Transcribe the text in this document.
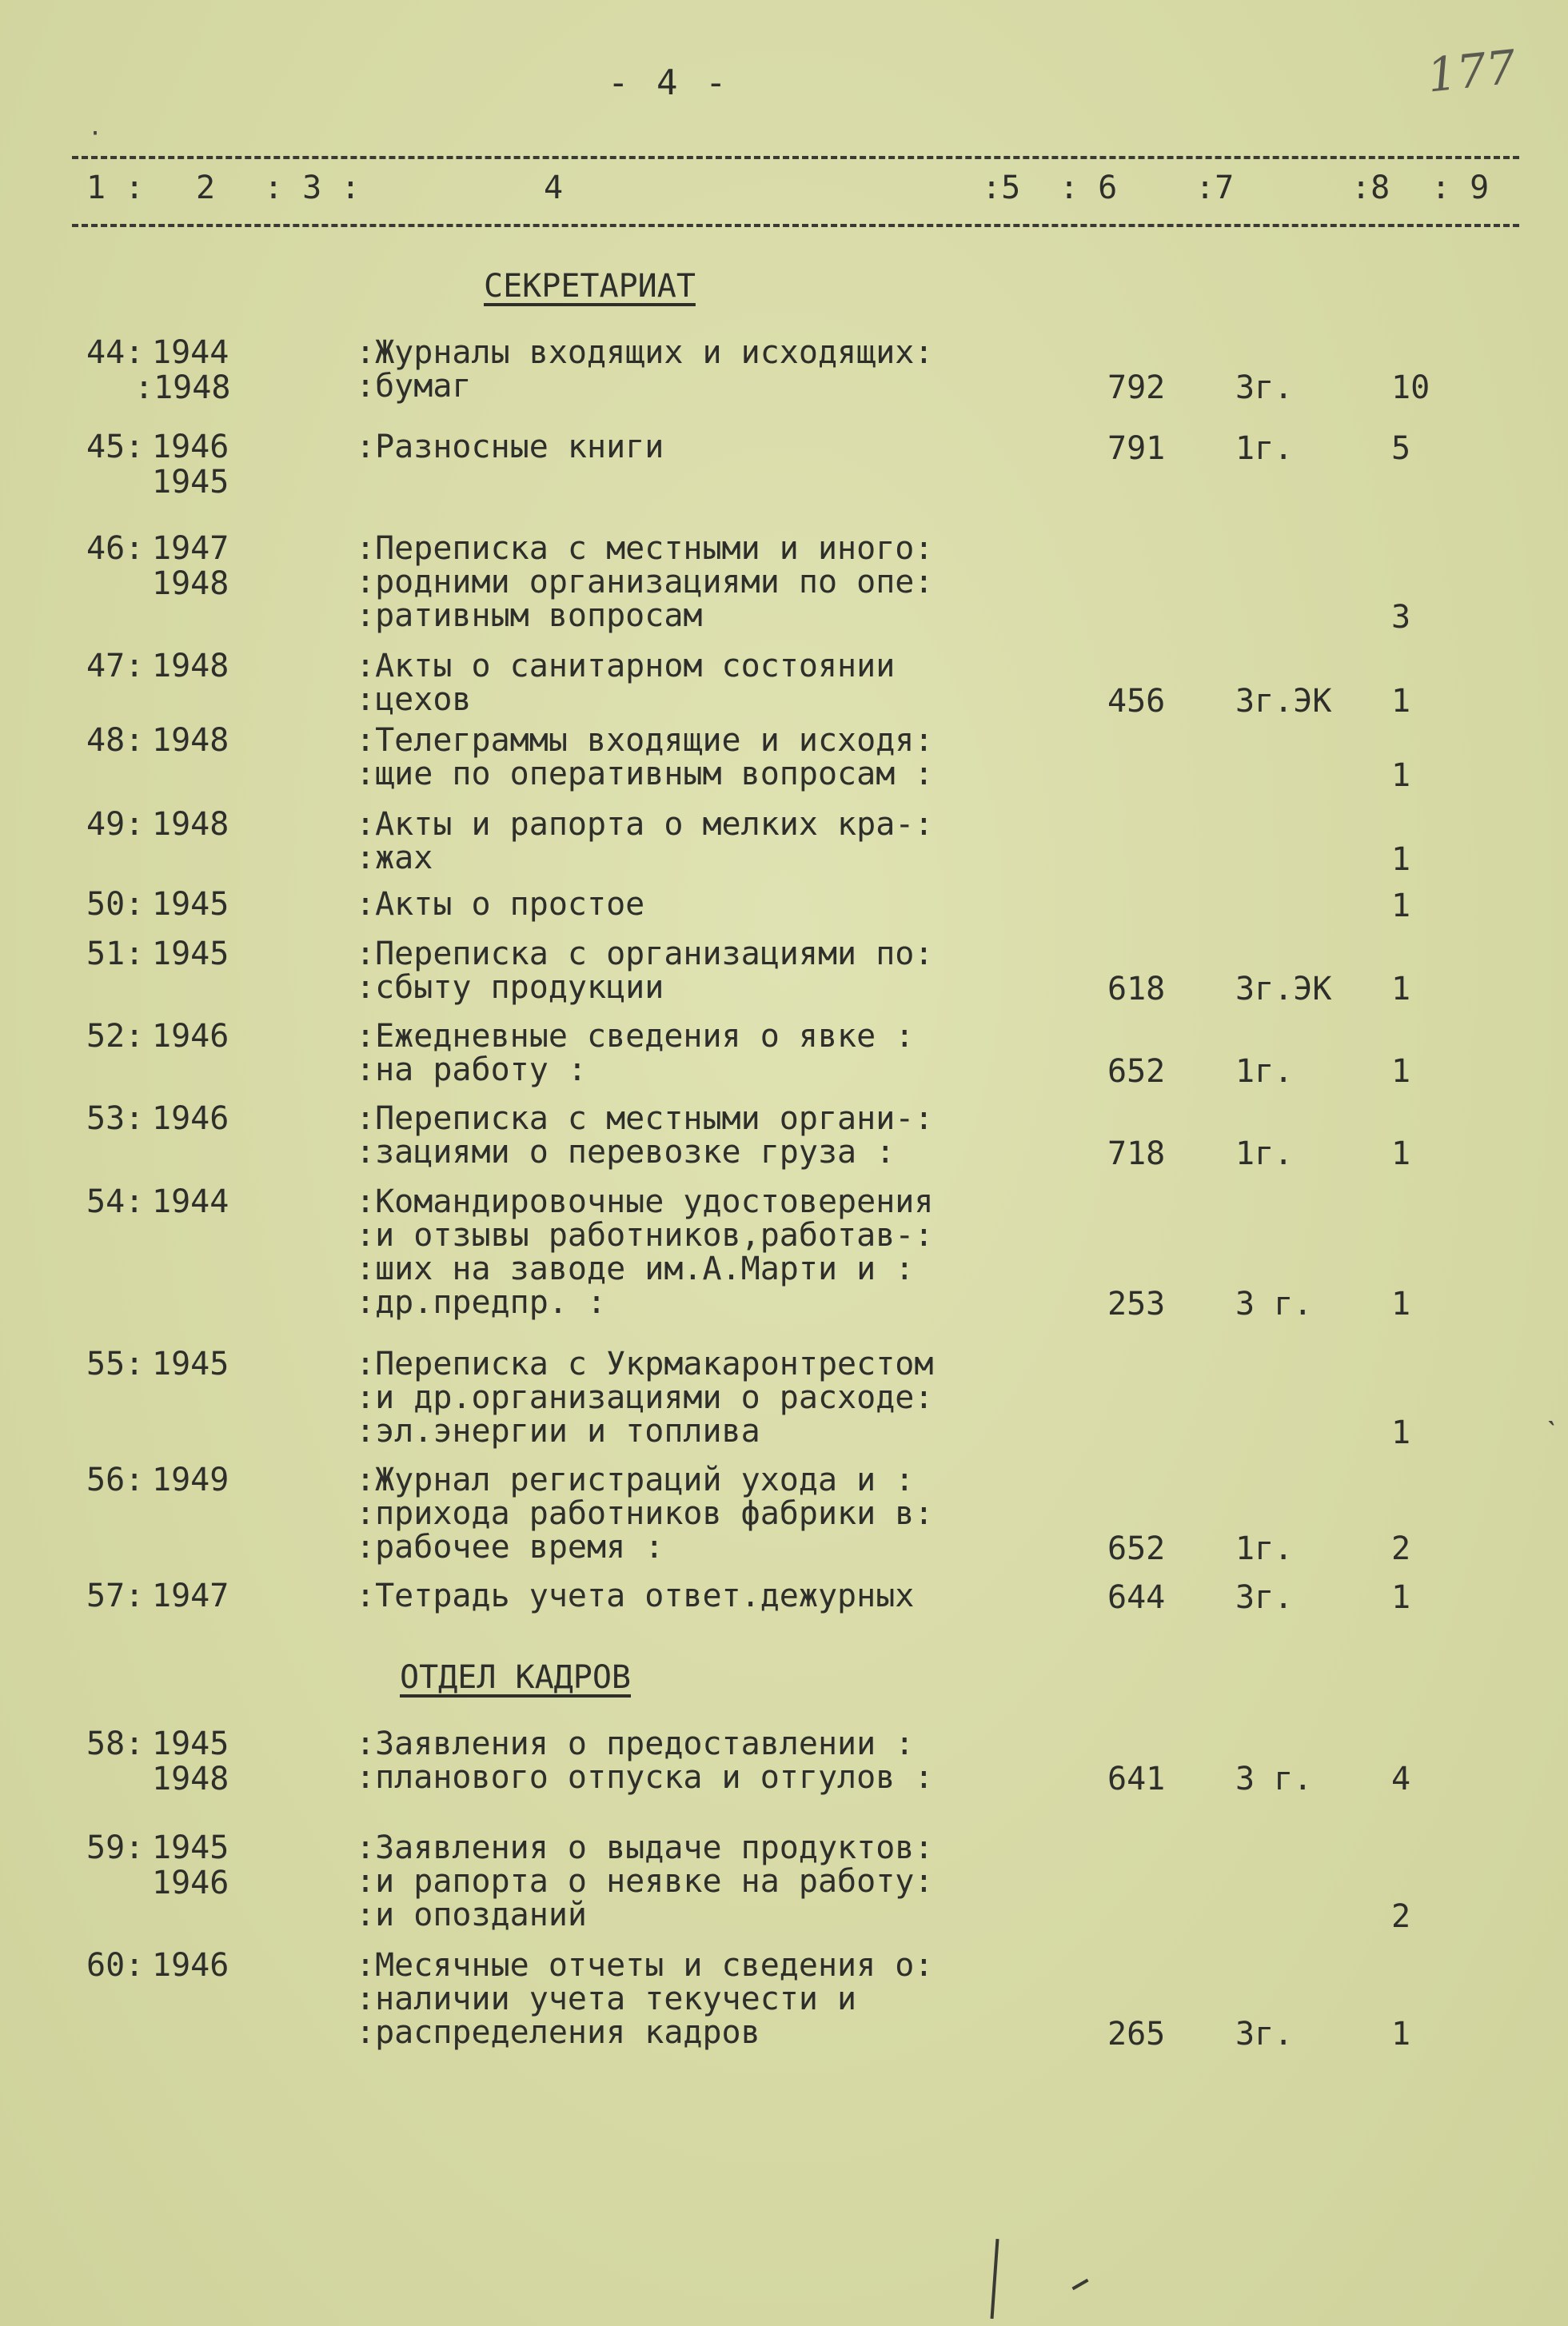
- 4 -	177
1 : 2 : 3 :	4	:5 : 6 :7	:8 : 9
СЕКРЕТАРИАТ
ОТДЕЛ КАДРОВ
·
ˋ
44: 1944
:1948
:Журналы входящих и исходящих:
:бумаг	792 3г.	10
45: 1946
1945
:Разносные книги	791 1г.	5
46: 1947
1948
:Переписка с местными и иного:
:родними организациями по опе:
:ративным вопросам	3
47: 1948	:Акты о санитарном состоянии
:цехов	456 3г.ЭК 1
48: 1948	:Телеграммы входящие и исходя:
:щие по оперативным вопросам :	1
49: 1948	:Акты и рапорта о мелких кра-:
:жах	1
50: 1945	:Акты о простое	1
51: 1945	:Переписка с организациями по:
:сбыту продукции	618 3г.ЭК 1
52: 1946	:Ежедневные сведения о явке :
:на работу :	652 1г.	1
53: 1946	:Переписка с местными органи-:
:зациями о перевозке груза :	718 1г.	1
54: 1944	:Командировочные удостоверения
:и отзывы работников,работав-:
:ших на заводе им.А.Марти и :
:др.предпр. :	253 3 г. 1
55: 1945	:Переписка с Укрмакаронтрестом
:и др.организациями о расходе:
:эл.энергии и топлива	1
56: 1949	:Журнал регистраций ухода и :
:прихода работников фабрики в:
:рабочее время :	652 1г.	2
57: 1947	:Тетрадь учета ответ.дежурных	644 3г.	1
58: 1945
1948
:Заявления о предоставлении :
:планового отпуска и отгулов :	641 3 г. 4
59: 1945
1946
:Заявления о выдаче продуктов:
:и рапорта о неявке на работу:
:и опозданий	2
60: 1946	:Месячные отчеты и сведения о:
:наличии учета текучести и
:распределения кадров	265 3г.	1
